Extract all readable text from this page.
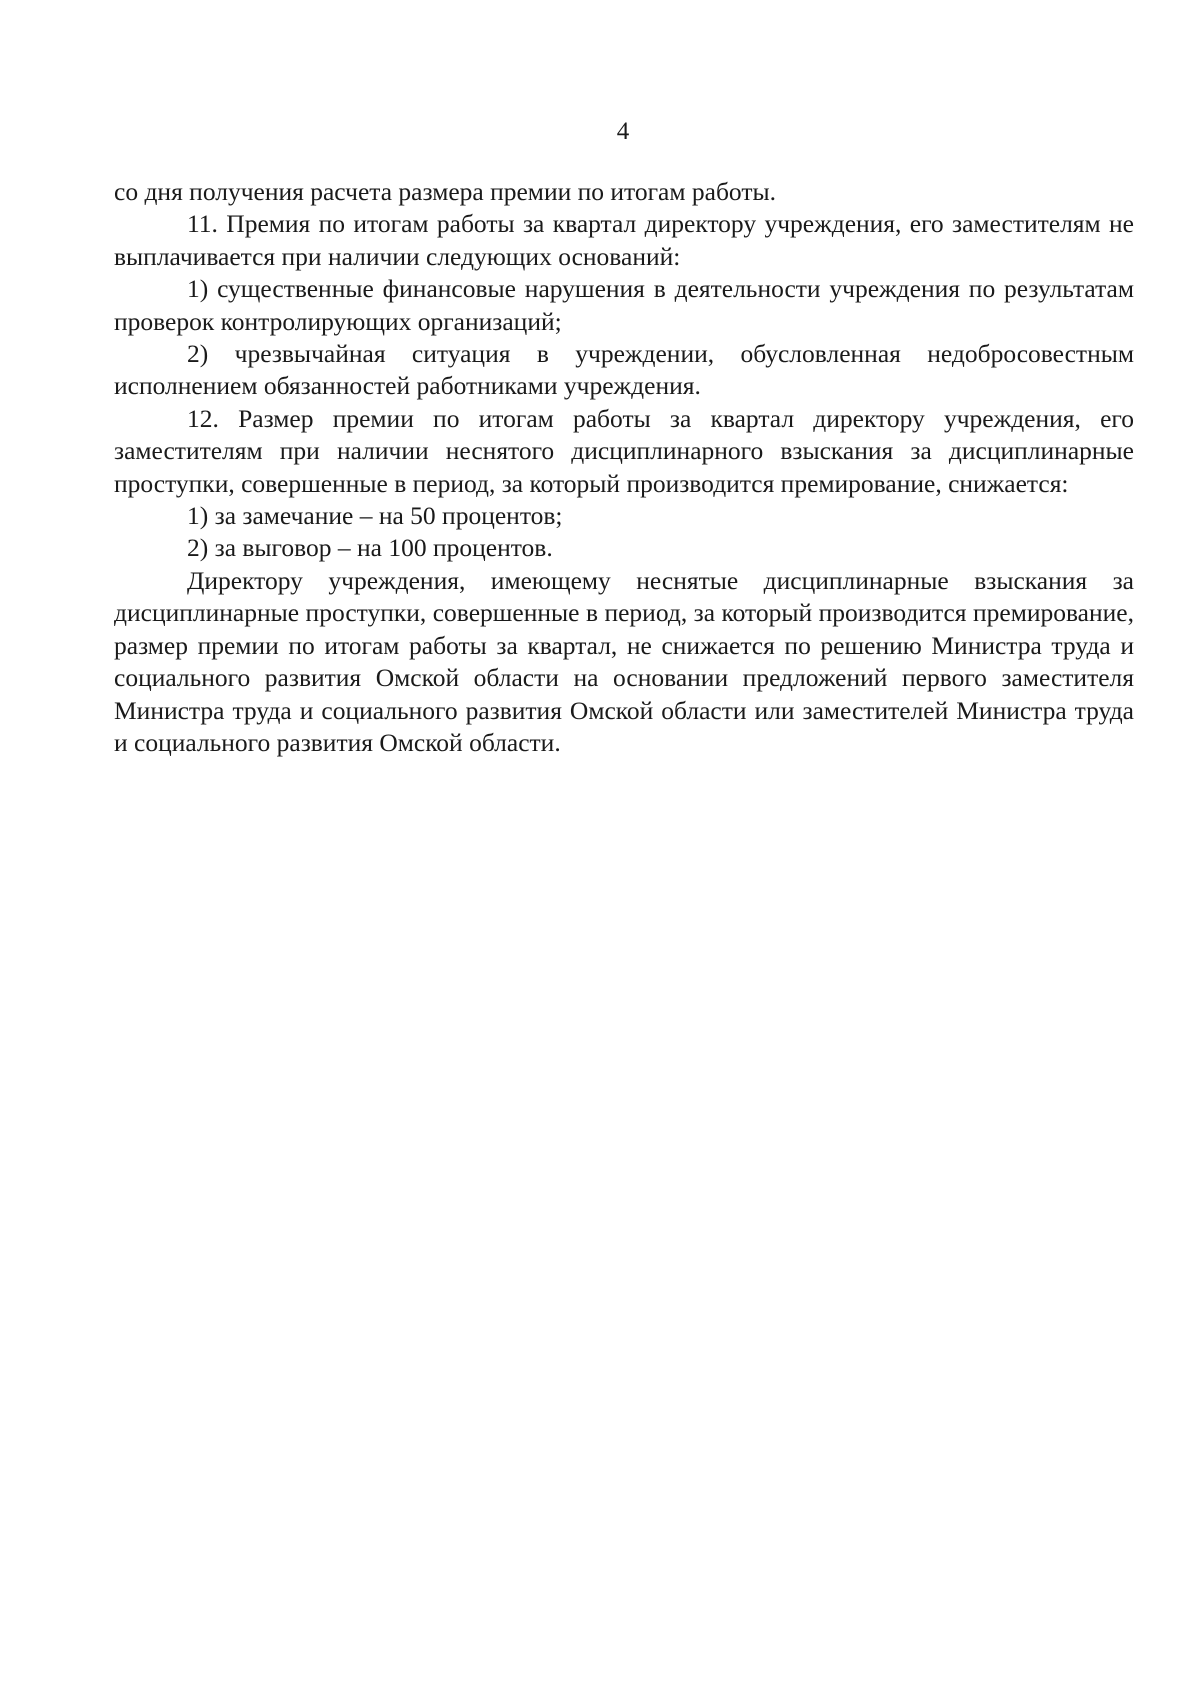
4

со дня получения расчета размера премии по итогам работы.

11. Премия по итогам работы за квартал директору учреждения, его заместителям не выплачивается при наличии следующих оснований:

1) существенные финансовые нарушения в деятельности учреждения по результатам проверок контролирующих организаций;

2) чрезвычайная ситуация в учреждении, обусловленная недобросовестным исполнением обязанностей работниками учреждения.

12. Размер премии по итогам работы за квартал директору учреждения, его заместителям при наличии неснятого дисциплинарного взыскания за дисциплинарные проступки, совершенные в период, за который производится премирование, снижается:

1) за замечание – на 50 процентов;

2) за выговор – на 100 процентов.

Директору учреждения, имеющему неснятые дисциплинарные взыскания за дисциплинарные проступки, совершенные в период, за который производится премирование, размер премии по итогам работы за квартал, не снижается по решению Министра труда и социального развития Омской области на основании предложений первого заместителя Министра труда и социального развития Омской области или заместителей Министра труда и социального развития Омской области.
